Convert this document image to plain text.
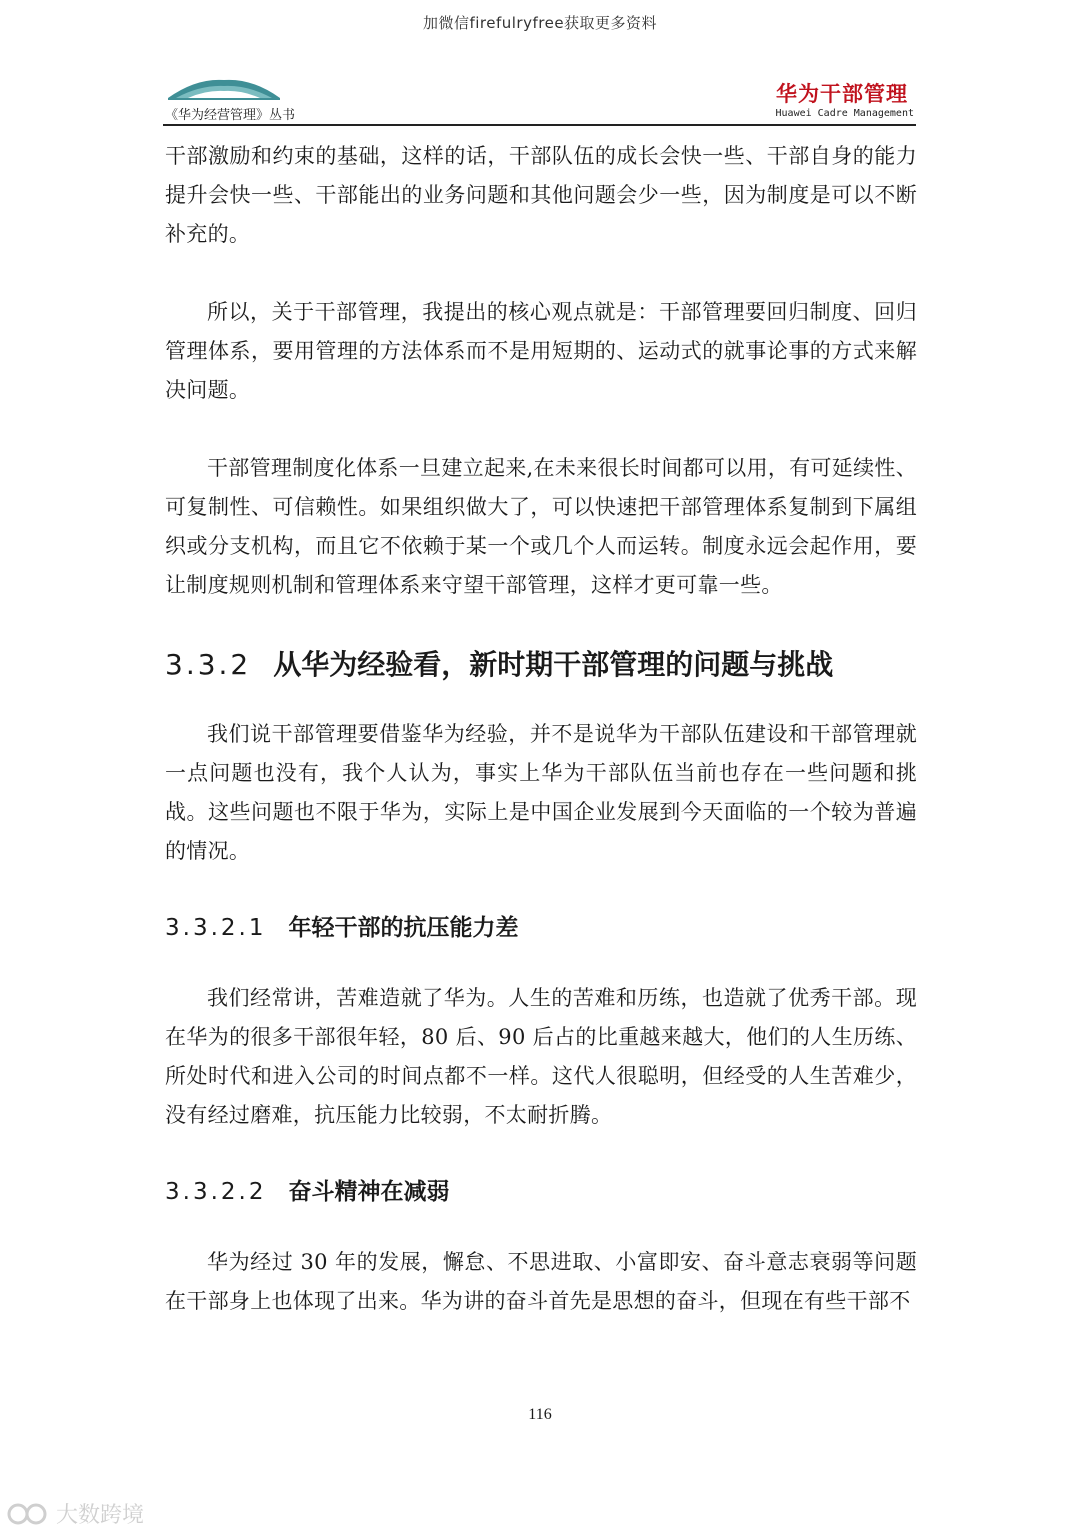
加微信fireful​ryfree获取更多资料
《华为经营管理》丛书
华为干部管理
Huawei Cadre Management

干部激励和约束的基础，这样的话，干部队伍的成长会快一些、干部自身的能力提升会快一些、干部能出的业务问题和其他问题会少一些，因为制度是可以不断补充的。

所以，关于干部管理，我提出的核心观点就是：干部管理要回归制度、回归管理体系，要用管理的方法体系而不是用短期的、运动式的就事论事的方式来解决问题。

干部管理制度化体系一旦建立起来,在未来很长时间都可以用，有可延续性、可复制性、可信赖性。如果组织做大了，可以快速把干部管理体系复制到下属组织或分支机构，而且它不依赖于某一个或几个人而运转。制度永远会起作用，要让制度规则机制和管理体系来守望干部管理，这样才更可靠一些。

3.3.2 从华为经验看，新时期干部管理的问题与挑战

我们说干部管理要借鉴华为经验，并不是说华为干部队伍建设和干部管理就一点问题也没有，我个人认为，事实上华为干部队伍当前也存在一些问题和挑战。这些问题也不限于华为，实际上是中国企业发展到今天面临的一个较为普遍的情况。

3.3.2.1 年轻干部的抗压能力差

我们经常讲，苦难造就了华为。人生的苦难和历练，也造就了优秀干部。现在华为的很多干部很年轻，80 后、90 后占的比重越来越大，他们的人生历练、所处时代和进入公司的时间点都不一样。这代人很聪明，但经受的人生苦难少，没有经过磨难，抗压能力比较弱，不太耐折腾。

3.3.2.2 奋斗精神在减弱

华为经过 30 年的发展，懈怠、不思进取、小富即安、奋斗意志衰弱等问题在干部身上也体现了出来。华为讲的奋斗首先是思想的奋斗，但现在有些干部不

116
大数跨境
